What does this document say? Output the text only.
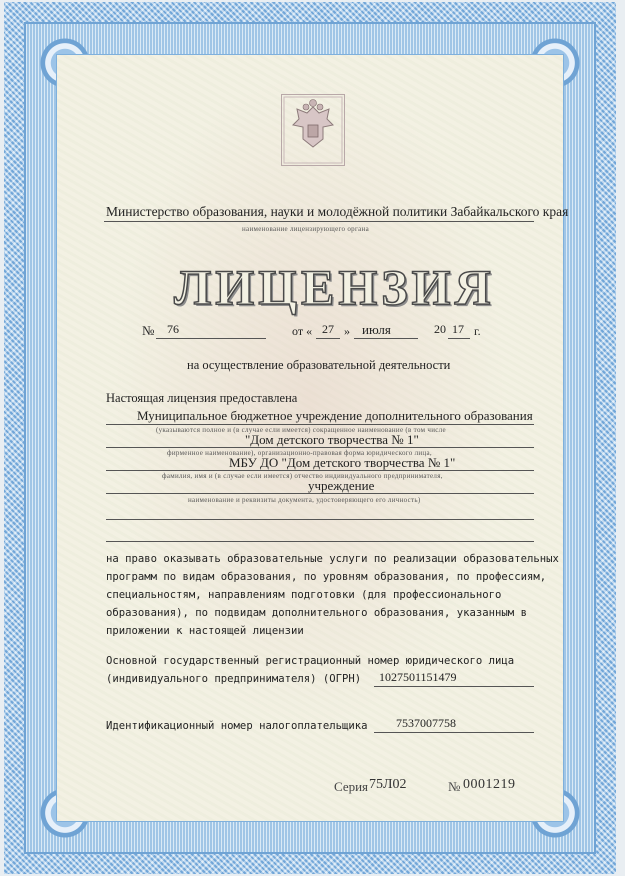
Министерство образования, науки и молодёжной политики Забайкальского края
наименование лицензирующего органа
ЛИЦЕНЗИЯ
№ 76	от « 27 » июля	20 17 г.
на осуществление образовательной деятельности
Настоящая лицензия предоставлена
Муниципальное бюджетное учреждение дополнительного образования
(указываются полное и (в случае если имеется) сокращенное наименование (в том числе
"Дом детского творчества № 1"
фирменное наименование), организационно-правовая форма юридического лица,
МБУ ДО "Дом детского творчества № 1"
фамилия, имя и (в случае если имеется) отчество индивидуального предпринимателя,
учреждение
наименование и реквизиты документа, удостоверяющего его личность)
на право оказывать образовательные услуги по реализации образовательных
программ по видам образования, по уровням образования, по профессиям,
специальностям, направлениям подготовки (для профессионального
образования), по подвидам дополнительного образования, указанным в
приложении к настоящей лицензии
Основной государственный регистрационный номер юридического лица
(индивидуального предпринимателя) (ОГРН) 1027501151479
Идентификационный номер налогоплательщика 7537007758
Серия 75Л02	№ 0001219
